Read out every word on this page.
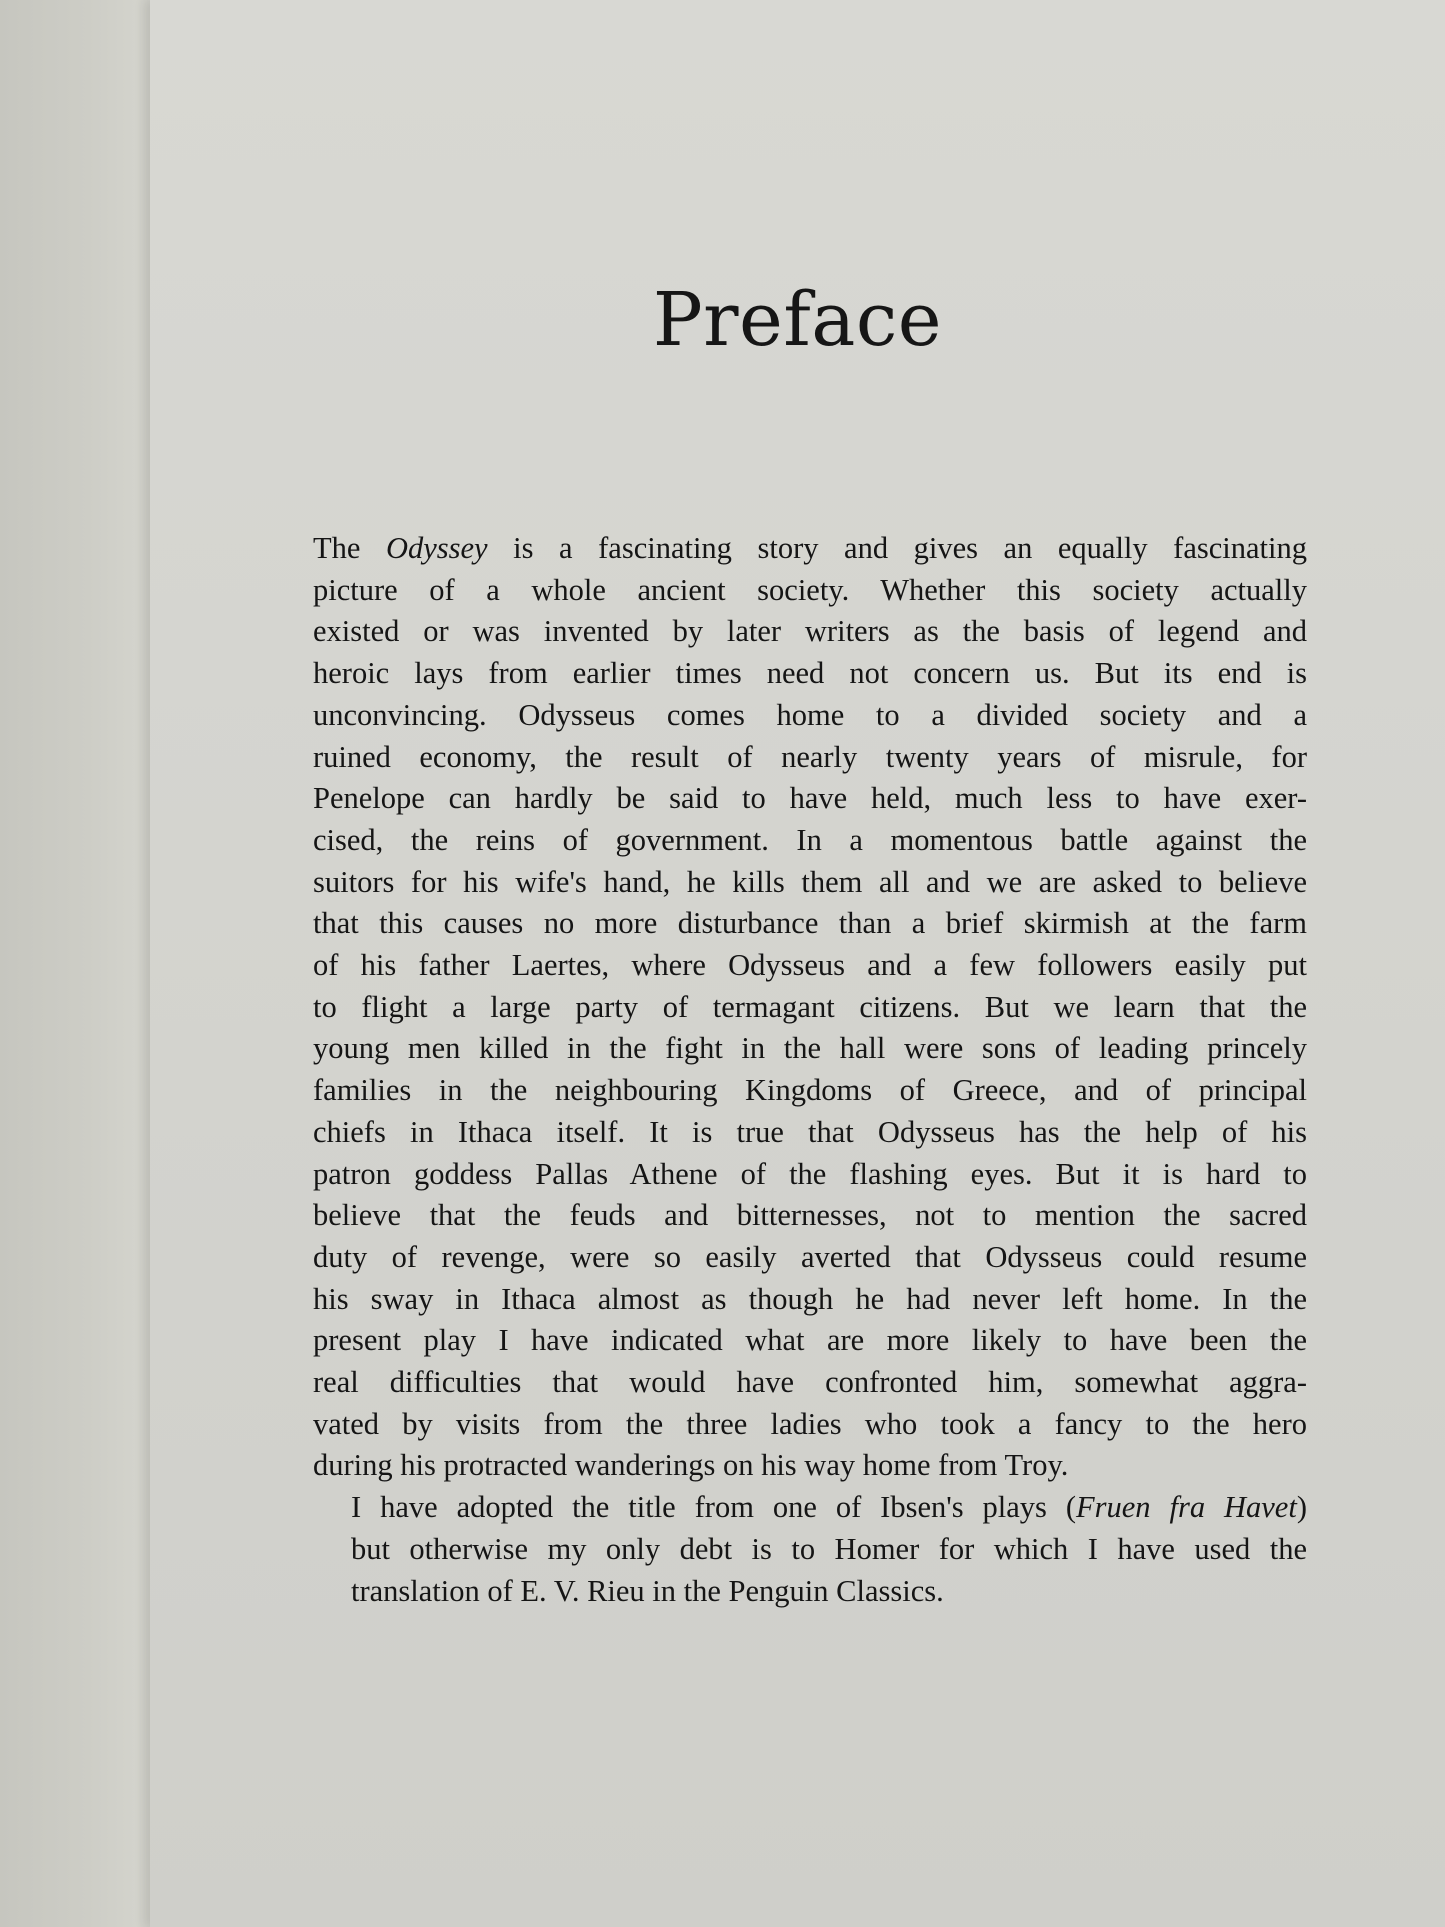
Preface

The Odyssey is a fascinating story and gives an equally fascinating
picture of a whole ancient society. Whether this society actually
existed or was invented by later writers as the basis of legend and
heroic lays from earlier times need not concern us. But its end is
unconvincing. Odysseus comes home to a divided society and a
ruined economy, the result of nearly twenty years of misrule, for
Penelope can hardly be said to have held, much less to have exer-
cised, the reins of government. In a momentous battle against the
suitors for his wife's hand, he kills them all and we are asked to believe
that this causes no more disturbance than a brief skirmish at the farm
of his father Laertes, where Odysseus and a few followers easily put
to flight a large party of termagant citizens. But we learn that the
young men killed in the fight in the hall were sons of leading princely
families in the neighbouring Kingdoms of Greece, and of principal
chiefs in Ithaca itself. It is true that Odysseus has the help of his
patron goddess Pallas Athene of the flashing eyes. But it is hard to
believe that the feuds and bitternesses, not to mention the sacred
duty of revenge, were so easily averted that Odysseus could resume
his sway in Ithaca almost as though he had never left home. In the
present play I have indicated what are more likely to have been the
real difficulties that would have confronted him, somewhat aggra-
vated by visits from the three ladies who took a fancy to the hero
during his protracted wanderings on his way home from Troy.

I have adopted the title from one of Ibsen's plays (Fruen fra Havet)
but otherwise my only debt is to Homer for which I have used the
translation of E. V. Rieu in the Penguin Classics.
